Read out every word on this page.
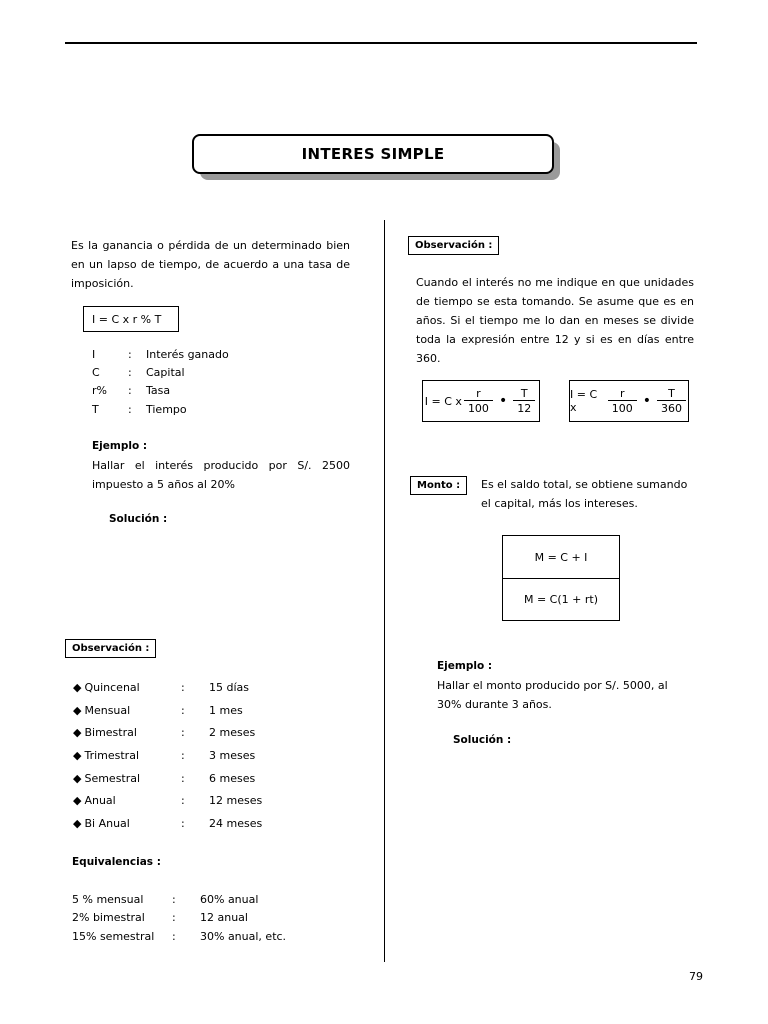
INTERES SIMPLE
Es la ganancia o pérdida de un determinado bien en un lapso de tiempo, de acuerdo a una tasa de imposición.
I = C x r % T
I	:	Interés ganado
C	:	Capital
r%	:	Tasa
T	:	Tiempo
Ejemplo :
Hallar el interés producido por S/. 2500 impuesto a 5 años al 20%
Solución :
Observación :
◆ Quincenal	:	15 días
◆ Mensual	:	1 mes
◆ Bimestral	:	2 meses
◆ Trimestral	:	3 meses
◆ Semestral	:	6 meses
◆ Anual	:	12 meses
◆ Bi Anual	:	24 meses
Equivalencias :
5 % mensual	:	60% anual
2% bimestral	:	12 anual
15% semestral	:	30% anual, etc.
Observación :
Cuando el interés no me indique en que unidades de tiempo se esta tomando. Se asume que es en años. Si el tiempo me lo dan en meses se divide toda la expresión entre 12 y si es en días entre 360.
I = C x $\frac{r}{100}$ • $\frac{T}{12}$	I = C x	$\frac{r}{100}$ • $\frac{T}{360}$
Monto :	Es el saldo total, se obtiene sumando el capital, más los intereses.
M = C + I
M = C(1 + rt)
Ejemplo :
Hallar el monto producido por S/. 5000, al 30% durante 3 años.
Solución :
79
